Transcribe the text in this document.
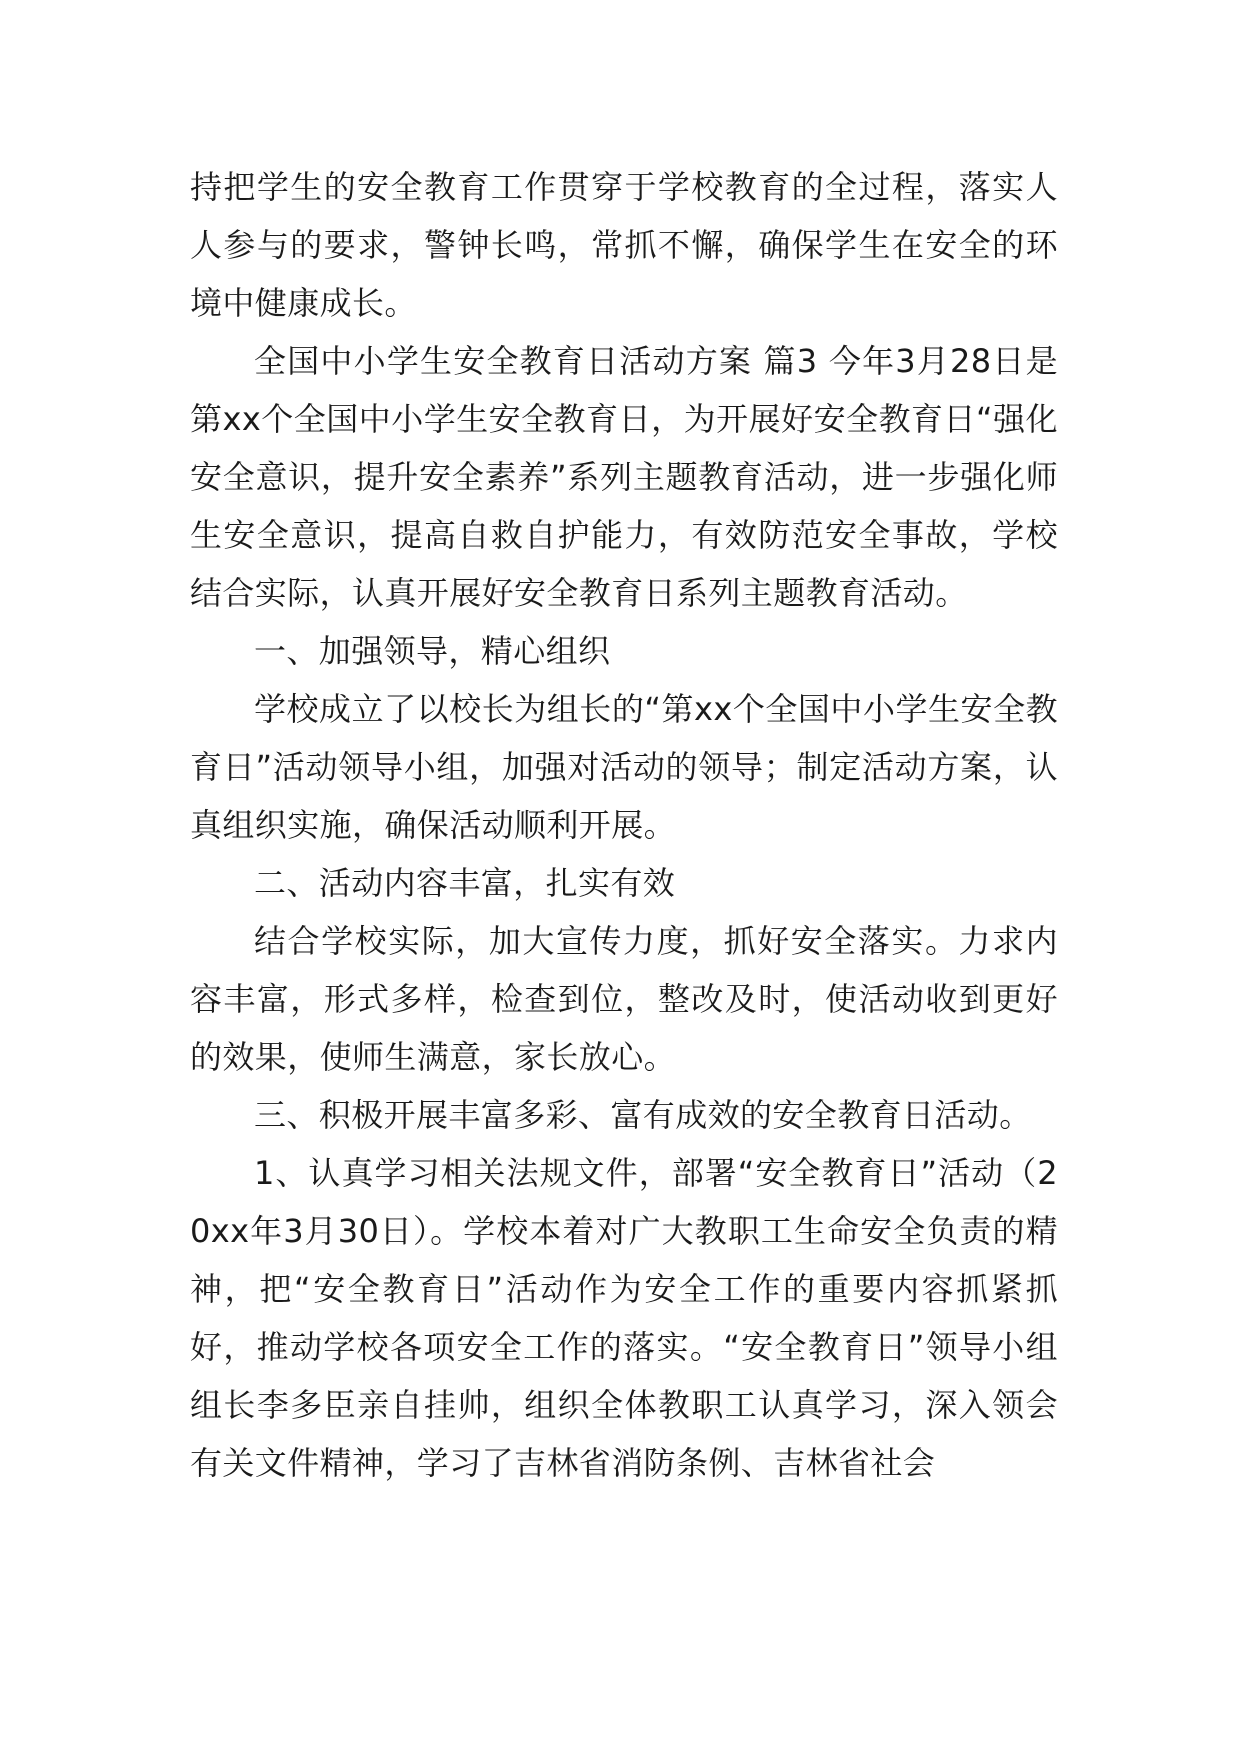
持把学生的安全教育工作贯穿于学校教育的全过程，落实人人参与的要求，警钟长鸣，常抓不懈，确保学生在安全的环境中健康成长。

全国中小学生安全教育日活动方案 篇3 今年3月28日是第xx个全国中小学生安全教育日，为开展好安全教育日“强化安全意识，提升安全素养”系列主题教育活动，进一步强化师生安全意识，提高自救自护能力，有效防范安全事故，学校结合实际，认真开展好安全教育日系列主题教育活动。

一、加强领导，精心组织

学校成立了以校长为组长的“第xx个全国中小学生安全教育日”活动领导小组，加强对活动的领导；制定活动方案，认真组织实施，确保活动顺利开展。

二、活动内容丰富，扎实有效

结合学校实际，加大宣传力度，抓好安全落实。力求内容丰富，形式多样，检查到位，整改及时，使活动收到更好的效果，使师生满意，家长放心。

三、积极开展丰富多彩、富有成效的安全教育日活动。

1、认真学习相关法规文件，部署“安全教育日”活动（20xx年3月30日）。学校本着对广大教职工生命安全负责的精神，把“安全教育日”活动作为安全工作的重要内容抓紧抓好，推动学校各项安全工作的落实。“安全教育日”领导小组组长李多臣亲自挂帅，组织全体教职工认真学习，深入领会有关文件精神，学习了吉林省消防条例、吉林省社会
